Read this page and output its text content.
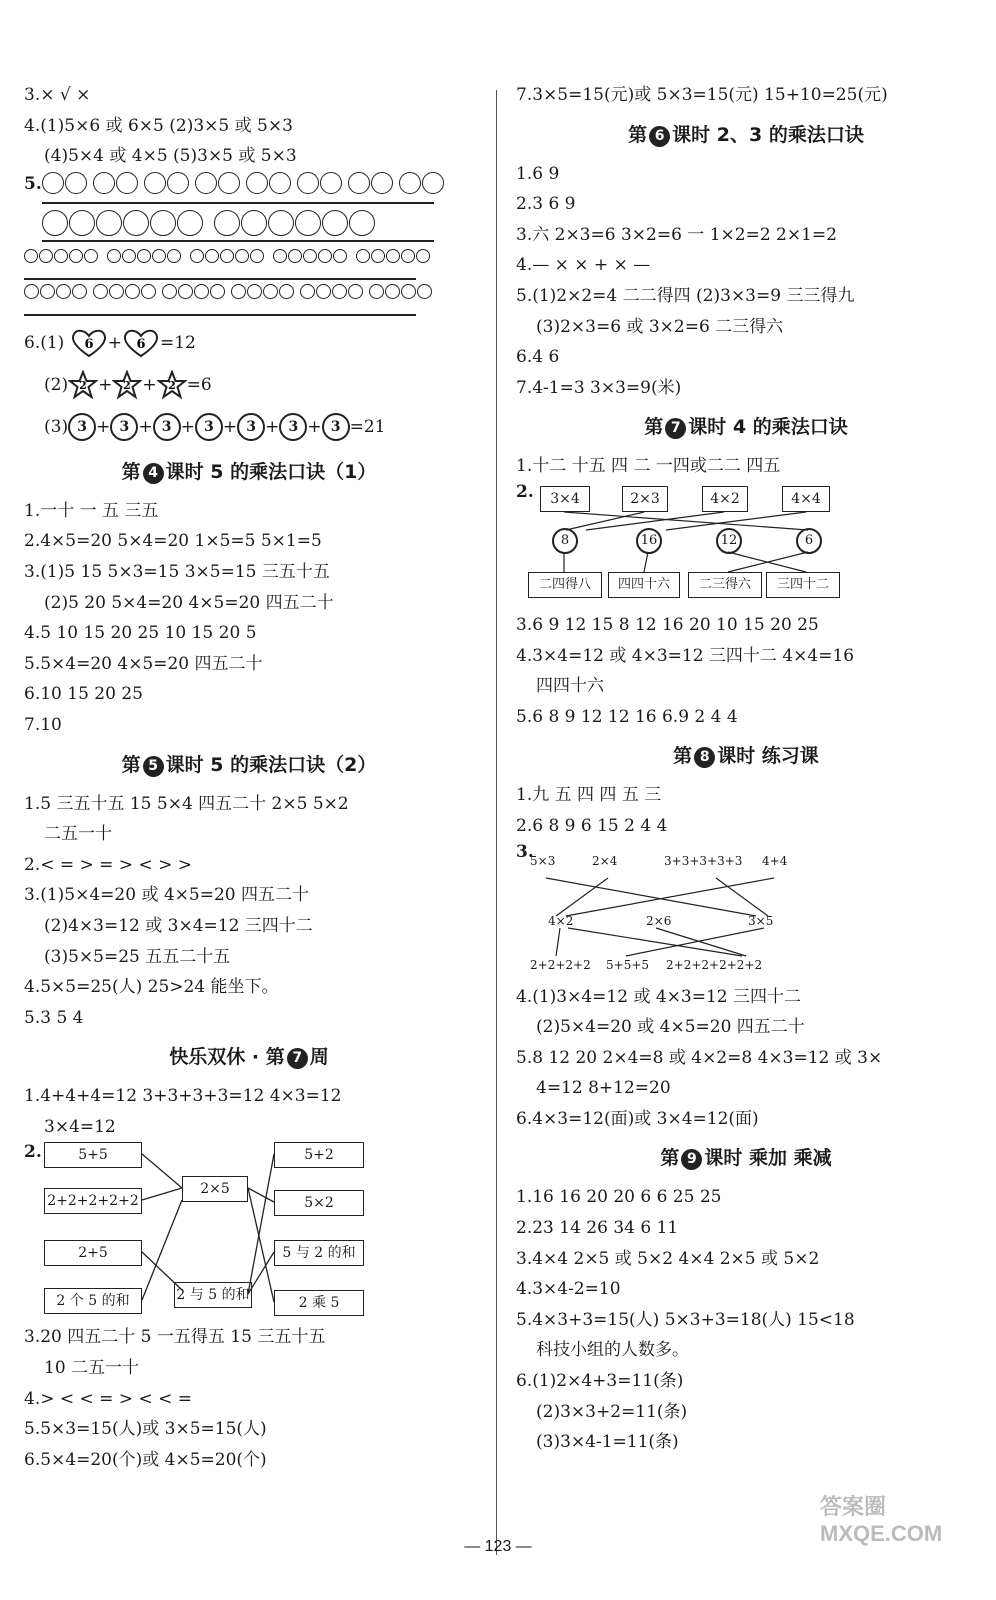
3.× √ ×
4.(1)5×6 或 6×5 (2)3×5 或 5×3
(4)5×4 或 4×5 (5)3×5 或 5×3
5.
6.(1) 6 + 6 =12
(2) 2 + 2 + 2 =6
(3) 3 + 3 + 3 + 3 + 3 + 3 + 3 =21
第 4 课时 5 的乘法口诀（1）
1.一十 一 五 三五
2.4×5=20 5×4=20 1×5=5 5×1=5
3.(1)5 15 5×3=15 3×5=15 三五十五
(2)5 20 5×4=20 4×5=20 四五二十
4.5 10 15 20 25 10 15 20 5
5.5×4=20 4×5=20 四五二十
6.10 15 20 25
7.10
第 5 课时 5 的乘法口诀（2）
1.5 三五十五 15 5×4 四五二十 2×5 5×2
二五一十
2.< = > = > < > >
3.(1)5×4=20 或 4×5=20 四五二十
(2)4×3=12 或 3×4=12 三四十二
(3)5×5=25 五五二十五
4.5×5=25(人) 25>24 能坐下。
5.3 5 4
快乐双休 · 第 7 周
1.4+4+4=12 3+3+3+3=12 4×3=12
3×4=12
2.	5+5
2+2+2+2+2
2+5
2 个 5 的和
2×5
2 与 5 的和
5+2
5×2
5 与 2 的和
2 乘 5
3.20 四五二十 5 一五得五 15 三五十五
10 二五一十
4.> < < = > < < =
5.5×3=15(人)或 3×5=15(人)
6.5×4=20(个)或 4×5=20(个)
7.3×5=15(元)或 5×3=15(元) 15+10=25(元)
第 6 课时 2、3 的乘法口诀
1.6 9
2.3 6 9
3.六 2×3=6 3×2=6 一 1×2=2 2×1=2
4.— × × + × —
5.(1)2×2=4 二二得四 (2)3×3=9 三三得九
(3)2×3=6 或 3×2=6 二三得六
6.4 6
7.4-1=3 3×3=9(米)
第 7 课时 4 的乘法口诀
1.十二 十五 四 二 一四或二二 四五
2.	3×4	2×3	4×2	4×4
8	16	12	6
二四得八	四四十六	二三得六	三四十二
3.6 9 12 15 8 12 16 20 10 15 20 25
4.3×4=12 或 4×3=12 三四十二 4×4=16
四四十六
5.6 8 9 12 12 16 6.9 2 4 4
第 8 课时 练习课
1.九 五 四 四 五 三
2.6 8 9 6 15 2 4 4
3.
5×3	2×4	3+3+3+3+3 4+4
4×2	2×6	3×5
2+2+2+2 5+5+5 2+2+2+2+2+2
4.(1)3×4=12 或 4×3=12 三四十二
(2)5×4=20 或 4×5=20 四五二十
5.8 12 20 2×4=8 或 4×2=8 4×3=12 或 3×
4=12 8+12=20
6.4×3=12(面)或 3×4=12(面)
第 9 课时 乘加 乘减
1.16 16 20 20 6 6 25 25
2.23 14 26 34 6 11
3.4×4 2×5 或 5×2 4×4 2×5 或 5×2
4.3×4-2=10
5.4×3+3=15(人) 5×3+3=18(人) 15<18
科技小组的人数多。
6.(1)2×4+3=11(条)
(2)3×3+2=11(条)
(3)3×4-1=11(条)
— 123 —
答案圈 MXQE.COM
